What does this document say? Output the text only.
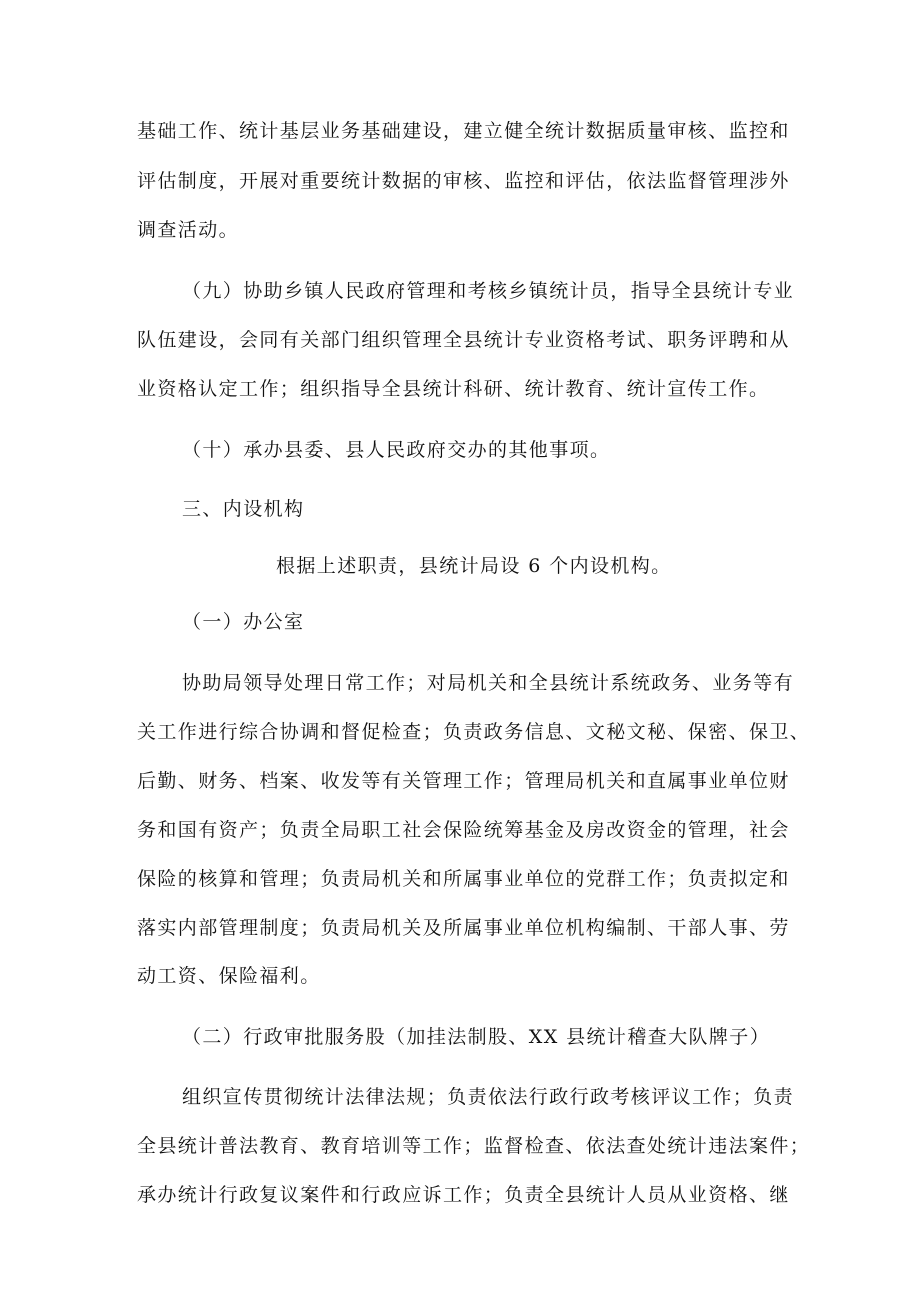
基础工作、统计基层业务基础建设，建立健全统计数据质量审核、监控和
评估制度，开展对重要统计数据的审核、监控和评估，依法监督管理涉外
调查活动。
（九）协助乡镇人民政府管理和考核乡镇统计员，指导全县统计专业
队伍建设，会同有关部门组织管理全县统计专业资格考试、职务评聘和从
业资格认定工作；组织指导全县统计科研、统计教育、统计宣传工作。
（十）承办县委、县人民政府交办的其他事项。
三、内设机构
根据上述职责，县统计局设 6 个内设机构。
（一）办公室
协助局领导处理日常工作；对局机关和全县统计系统政务、业务等有
关工作进行综合协调和督促检查；负责政务信息、文秘文秘、保密、保卫、
后勤、财务、档案、收发等有关管理工作；管理局机关和直属事业单位财
务和国有资产；负责全局职工社会保险统筹基金及房改资金的管理，社会
保险的核算和管理；负责局机关和所属事业单位的党群工作；负责拟定和
落实内部管理制度；负责局机关及所属事业单位机构编制、干部人事、劳
动工资、保险福利。
（二）行政审批服务股（加挂法制股、XX 县统计稽查大队牌子）
组织宣传贯彻统计法律法规；负责依法行政行政考核评议工作；负责
全县统计普法教育、教育培训等工作；监督检查、依法查处统计违法案件；
承办统计行政复议案件和行政应诉工作；负责全县统计人员从业资格、继
